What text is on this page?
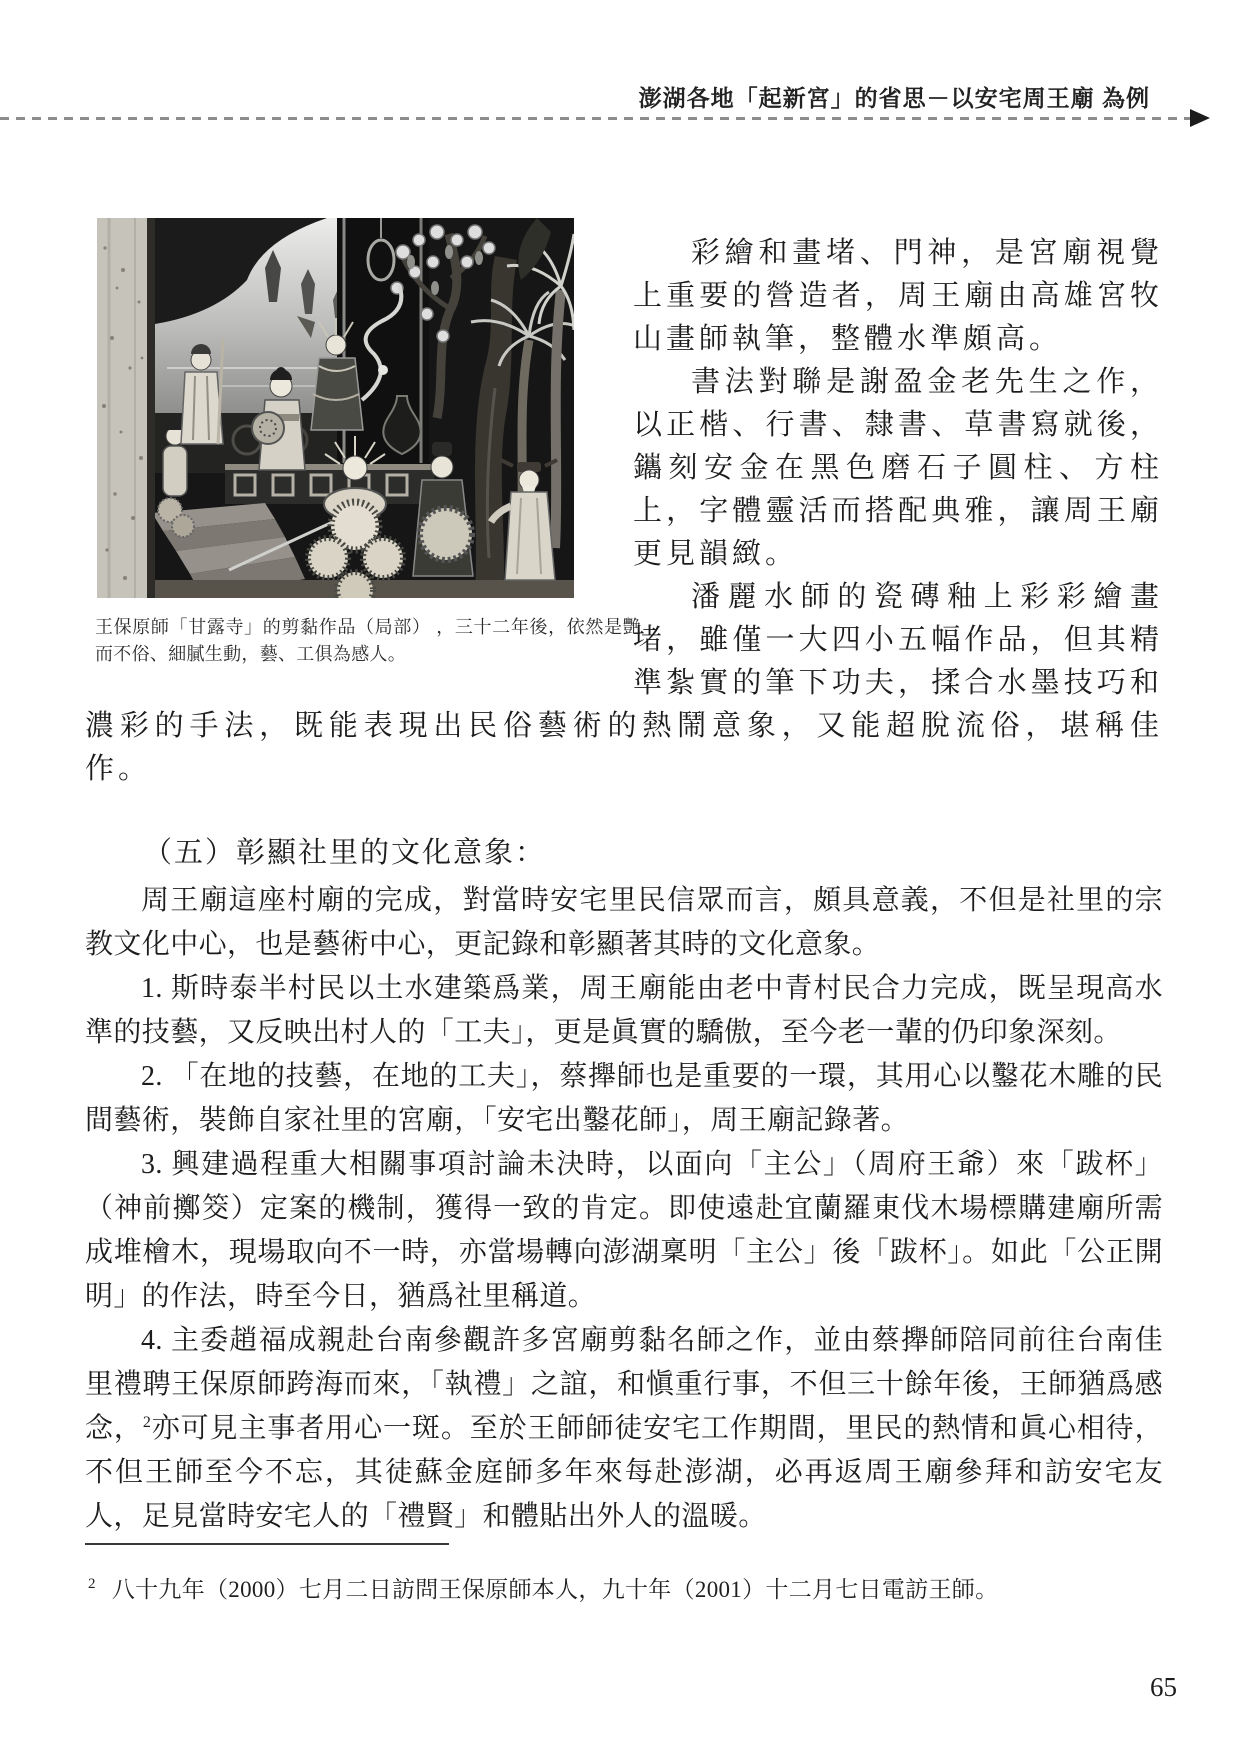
澎湖各地「起新宮」的省思－以安宅周王廟 為例
王保原師「甘露寺」的剪黏作品（局部） ，三十二年後，依然是艷而不俗、細膩生動，藝、工俱為感人。

彩繪和畫堵、門神，是宮廟視覺上重要的營造者，周王廟由高雄宮牧山畫師執筆，整體水準頗高。

書法對聯是謝盈金老先生之作，以正楷、行書、隸書、草書寫就後，鑴刻安金在黑色磨石子圓柱、方柱上，字體靈活而搭配典雅，讓周王廟更見韻緻。

潘麗水師的瓷磚釉上彩彩繪畫堵，雖僅一大四小五幅作品，但其精準紮實的筆下功夫，揉合水墨技巧和濃彩的手法，既能表現出民俗藝術的熱鬧意象，又能超脫流俗，堪稱佳作。

（五）彰顯社里的文化意象：

周王廟這座村廟的完成，對當時安宅里民信眾而言，頗具意義，不但是社里的宗教文化中心，也是藝術中心，更記錄和彰顯著其時的文化意象。

1. 斯時泰半村民以土水建築爲業，周王廟能由老中青村民合力完成，既呈現高水準的技藝，又反映出村人的「工夫」，更是眞實的驕傲，至今老一輩的仍印象深刻。

2. 「在地的技藝，在地的工夫」，蔡攑師也是重要的一環，其用心以鑿花木雕的民間藝術，裝飾自家社里的宮廟，「安宅出鑿花師」，周王廟記錄著。

3. 興建過程重大相關事項討論未決時，以面向「主公」（周府王爺）來「跋杯」（神前擲筊）定案的機制，獲得一致的肯定。即使遠赴宜蘭羅東伐木場標購建廟所需成堆檜木，現場取向不一時，亦當場轉向澎湖稟明「主公」後「跋杯」。如此「公正開明」的作法，時至今日，猶爲社里稱道。

4. 主委趙福成親赴台南參觀許多宮廟剪黏名師之作，並由蔡攑師陪同前往台南佳里禮聘王保原師跨海而來，「執禮」之誼，和愼重行事，不但三十餘年後，王師猶爲感念，$^2$亦可見主事者用心一斑。至於王師師徒安宅工作期間，里民的熱情和眞心相待，不但王師至今不忘，其徒蘇金庭師多年來每赴澎湖，必再返周王廟參拜和訪安宅友人，足見當時安宅人的「禮賢」和體貼出外人的溫暖。

$^2$ 八十九年（2000）七月二日訪問王保原師本人，九十年（2001）十二月七日電訪王師。
65
